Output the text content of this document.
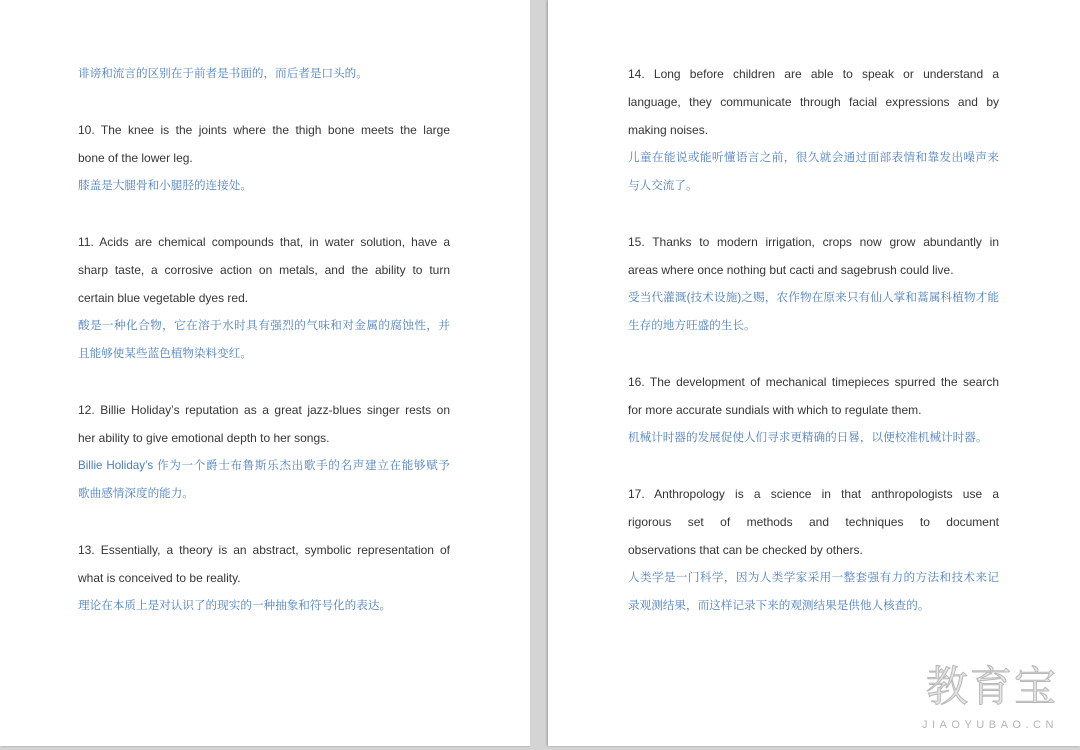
诽谤和流言的区别在于前者是书面的，而后者是口头的。
10. The knee is the joints where the thigh bone meets the large
bone of the lower leg.
膝盖是大腿骨和小腿胫的连接处。
11. Acids are chemical compounds that, in water solution, have a
sharp taste, a corrosive action on metals, and the ability to turn
certain blue vegetable dyes red.
酸是一种化合物，它在溶于水时具有强烈的气味和对金属的腐蚀性，并
且能够使某些蓝色植物染料变红。
12. Billie Holiday’s reputation as a great jazz-blues singer rests on
her ability to give emotional depth to her songs.
Billie Holiday’s 作为一个爵士布鲁斯乐杰出歌手的名声建立在能够赋予
歌曲感情深度的能力。
13. Essentially, a theory is an abstract, symbolic representation of
what is conceived to be reality.
理论在本质上是对认识了的现实的一种抽象和符号化的表达。
14. Long before children are able to speak or understand a
language, they communicate through facial expressions and by
making noises.
儿童在能说或能听懂语言之前，很久就会通过面部表情和靠发出噪声来
与人交流了。
15. Thanks to modern irrigation, crops now grow abundantly in
areas where once nothing but cacti and sagebrush could live.
受当代灌溉(技术设施)之赐，农作物在原来只有仙人掌和蒿属科植物才能
生存的地方旺盛的生长。
16. The development of mechanical timepieces spurred the search
for more accurate sundials with which to regulate them.
机械计时器的发展促使人们寻求更精确的日晷，以便校准机械计时器。
17. Anthropology is a science in that anthropologists use a
rigorous set of methods and techniques to document
observations that can be checked by others.
人类学是一门科学，因为人类学家采用一整套强有力的方法和技术来记
录观测结果，而这样记录下来的观测结果是供他人核查的。
教育宝
JIAOYUBAO.CN
